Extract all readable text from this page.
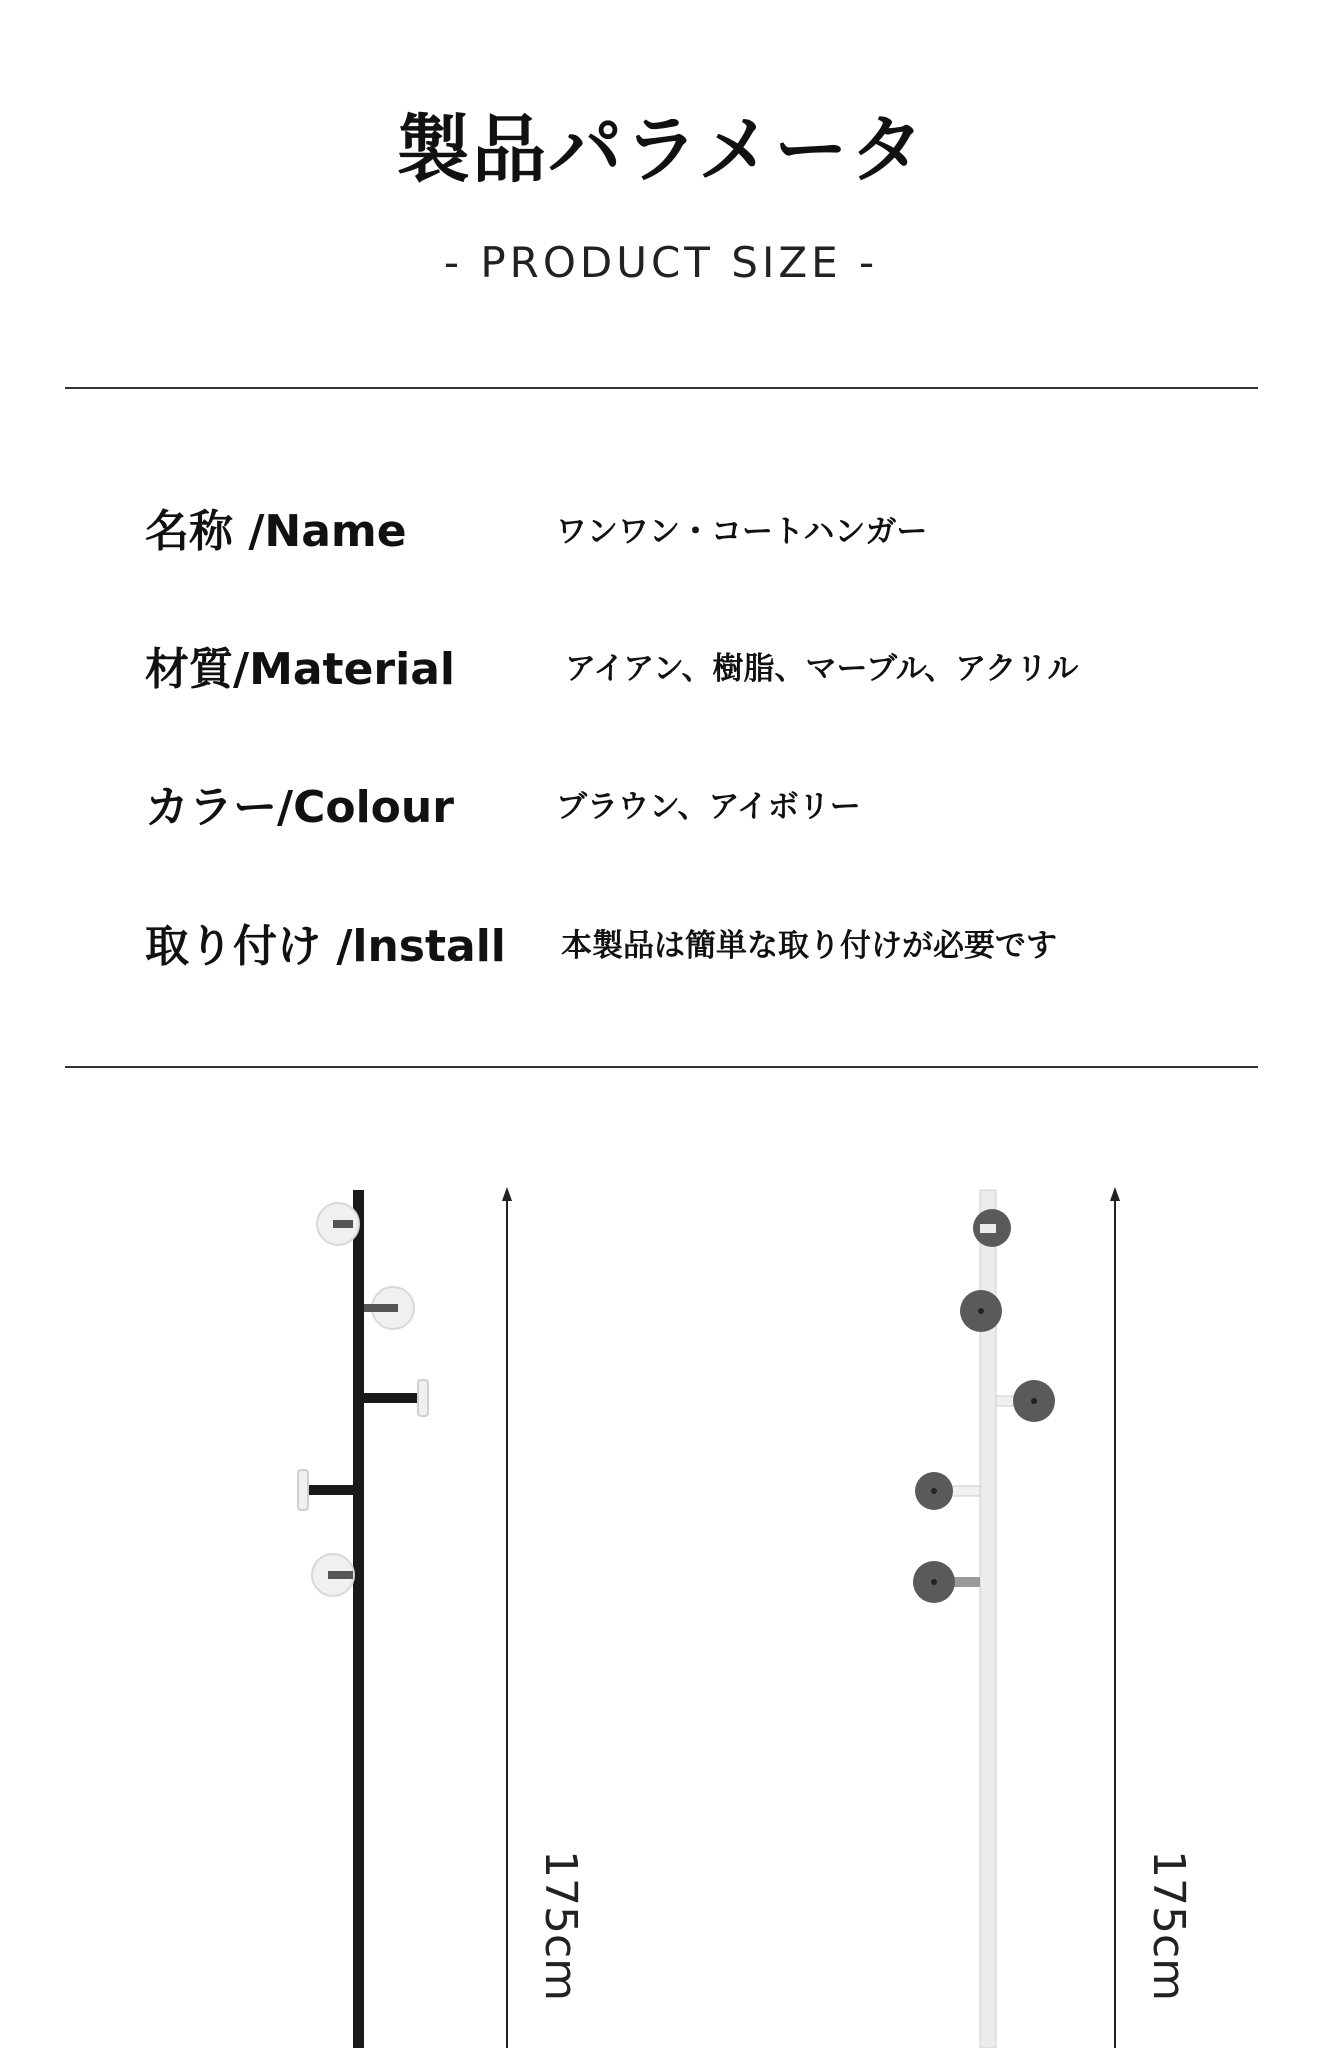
製品パラメータ
- PRODUCT SIZE -
名称 /Name	ワンワン・コートハンガー
材質/Material	アイアン、樹脂、マーブル、アクリル
カラー/Colour	ブラウン、アイボリー
取り付け /lnstall 本製品は簡単な取り付けが必要です
175cm	175cm
